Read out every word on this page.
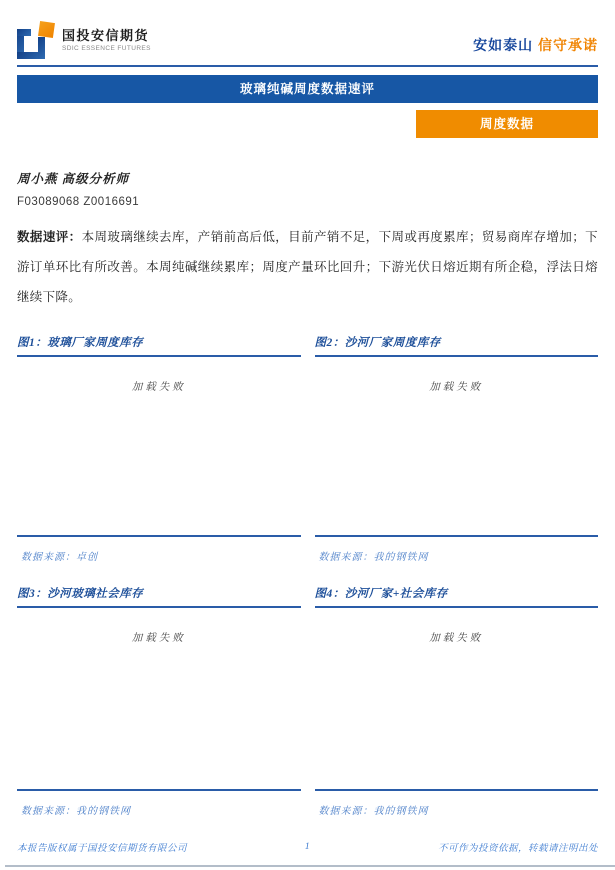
国投安信期货
SDIC ESSENCE FUTURES	安如泰山 信守承诺
玻璃纯碱周度数据速评
周度数据
周小燕 高级分析师
F03089068 Z0016691
数据速评：本周玻璃继续去库，产销前高后低，目前产销不足，下周或再度累库；贸易商库存增加；下游订单环比有所改善。本周纯碱继续累库；周度产量环比回升；下游光伏日熔近期有所企稳，浮法日熔继续下降。
图1：玻璃厂家周度库存
加载失败
数据来源：卓创
图2：沙河厂家周度库存
加载失败
数据来源：我的钢铁网
图3：沙河玻璃社会库存
加载失败
数据来源：我的钢铁网
图4：沙河厂家+社会库存
加载失败
数据来源：我的钢铁网
本报告版权属于国投安信期货有限公司	1	不可作为投资依据，转载请注明出处
